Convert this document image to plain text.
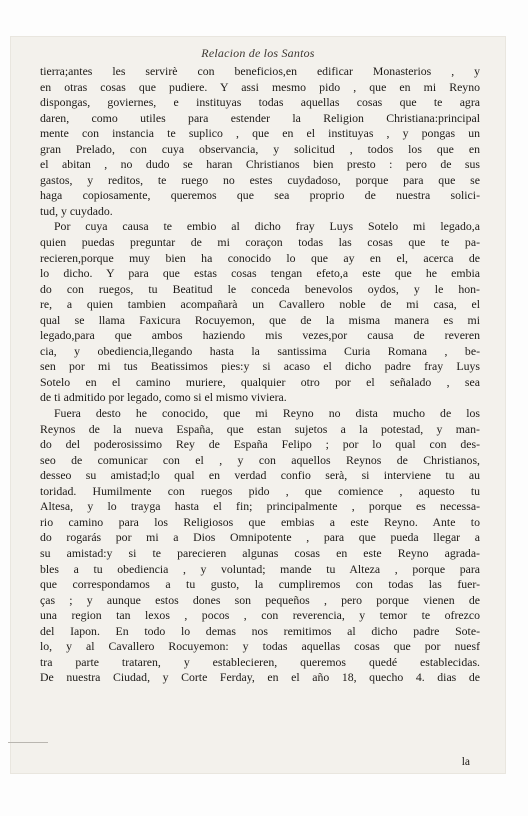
Relacion de los Santos
tierra;antes les servirè con beneficios,en edificar Monasterios , y
en otras cosas que pudiere. Y assi mesmo pido , que en mi Reyno
dispongas, goviernes, e instituyas todas aquellas cosas que te agra
daren, como utiles para estender la Religion Christiana:principal
mente con instancia te suplico , que en el instituyas , y pongas un
gran Prelado, con cuya observancia, y solicitud , todos los que en
el abitan , no dudo se haran Christianos bien presto : pero de sus
gastos, y reditos, te ruego no estes cuydadoso, porque para que se
haga copiosamente, queremos que sea proprio de nuestra solici-
tud, y cuydado.
Por cuya causa te embio al dicho fray Luys Sotelo mi legado,a
quien puedas preguntar de mi coraçon todas las cosas que te pa-
recieren,porque muy bien ha conocido lo que ay en el, acerca de
lo dicho. Y para que estas cosas tengan efeto,a este que he embia
do con ruegos, tu Beatitud le conceda benevolos oydos, y le hon-
re, a quien tambien acompañarà un Cavallero noble de mi casa, el
qual se llama Faxicura Rocuyemon, que de la misma manera es mi
legado,para que ambos haziendo mis vezes,por causa de reveren
cia, y obediencia,llegando hasta la santissima Curia Romana , be-
sen por mi tus Beatissimos pies:y si acaso el dicho padre fray Luys
Sotelo en el camino muriere, qualquier otro por el señalado , sea
de ti admitido por legado, como si el mismo viviera.
Fuera desto he conocido, que mi Reyno no dista mucho de los
Reynos de la nueva España, que estan sujetos a la potestad, y man-
do del poderosissimo Rey de España Felipo ; por lo qual con des-
seo de comunicar con el , y con aquellos Reynos de Christianos,
desseo su amistad;lo qual en verdad confio serà, si interviene tu au
toridad. Humilmente con ruegos pido , que comience , aquesto tu
Altesa, y lo trayga hasta el fin; principalmente , porque es necessa-
rio camino para los Religiosos que embias a este Reyno. Ante to
do rogarás por mi a Dios Omnipotente , para que pueda llegar a
su amistad:y si te parecieren algunas cosas en este Reyno agrada-
bles a tu obediencia , y voluntad; mande tu Alteza , porque para
que correspondamos a tu gusto, la cumpliremos con todas las fuer-
ças ; y aunque estos dones son pequeños , pero porque vienen de
una region tan lexos , pocos , con reverencia, y temor te ofrezco
del Iapon. En todo lo demas nos remitimos al dicho padre Sote-
lo, y al Cavallero Rocuyemon: y todas aquellas cosas que por nuesf
tra parte trataren, y establecieren, queremos quedé establecidas.
De nuestra Ciudad, y Corte Ferday, en el año 18, quecho 4. dias de
la
